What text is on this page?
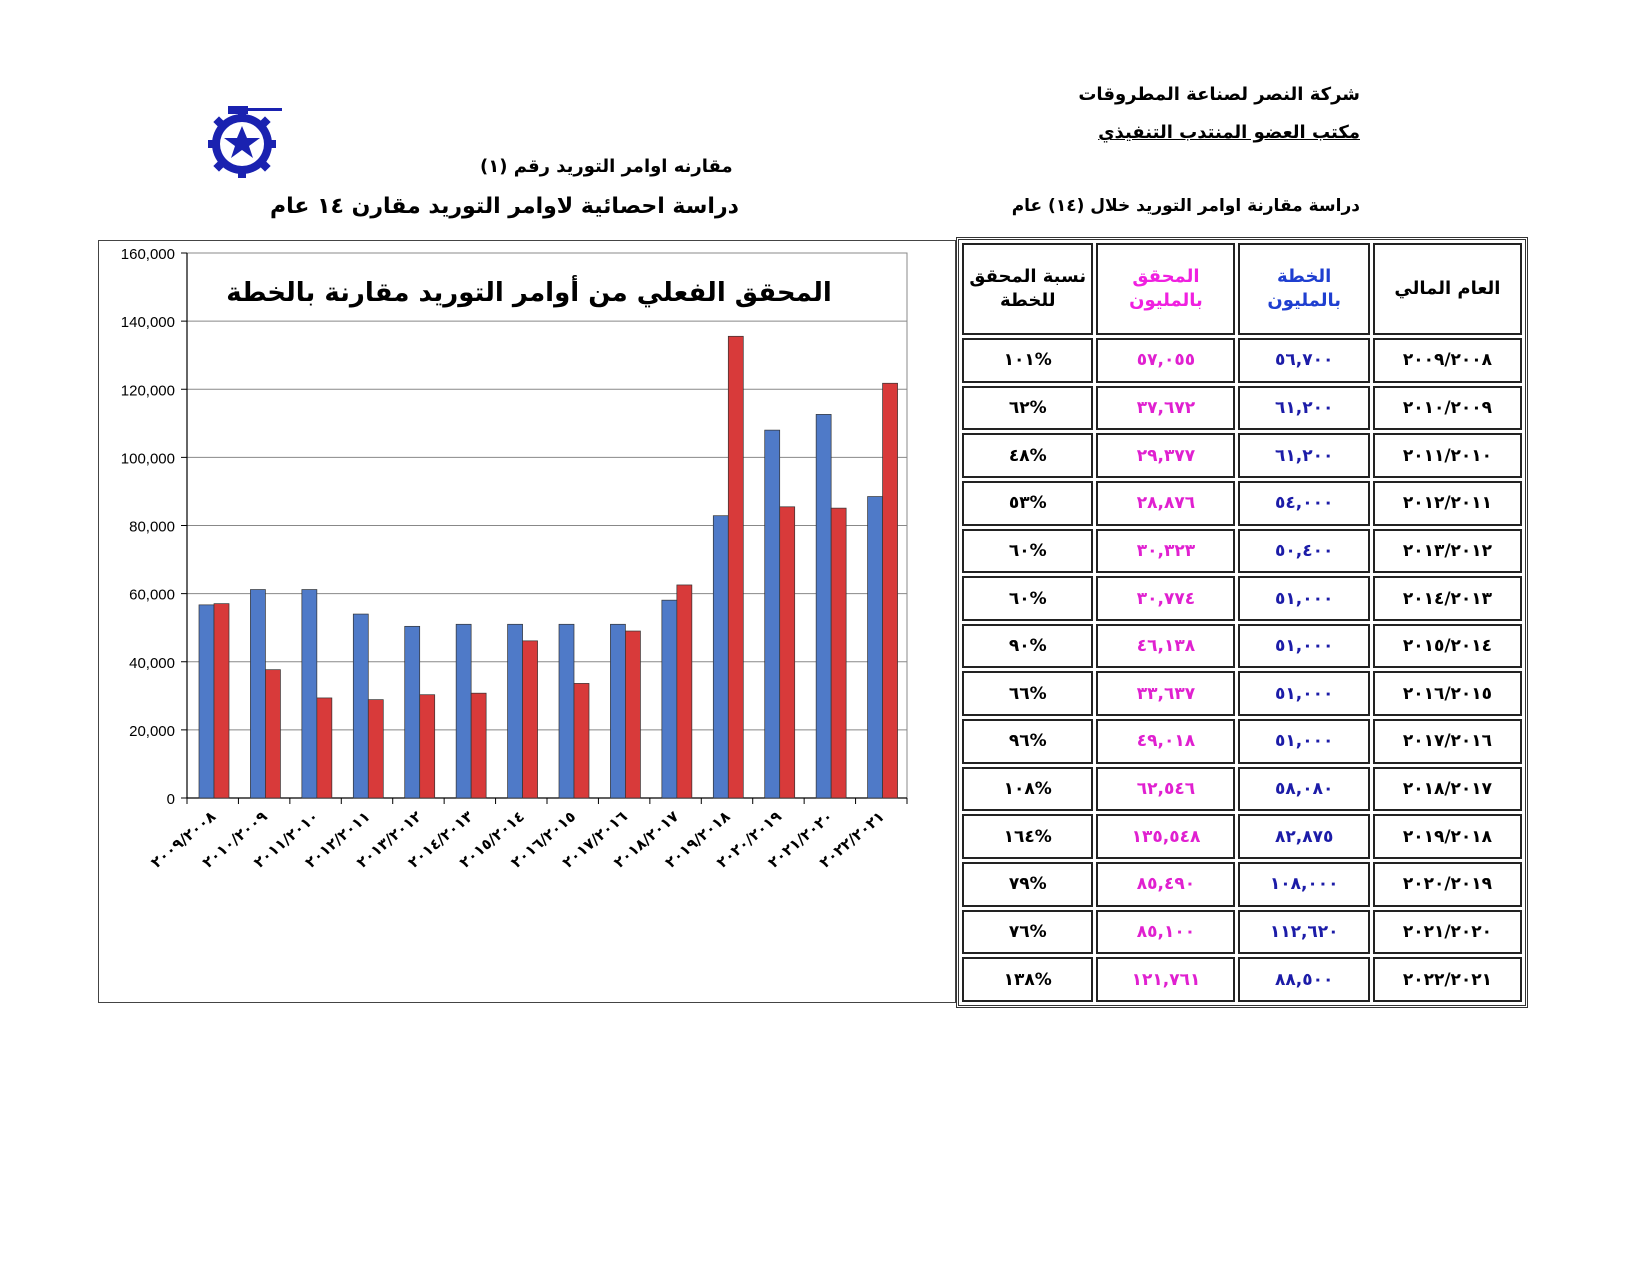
شركة النصر لصناعة المطروقات
مكتب العضو المنتدب التنفيذي
دراسة مقارنة اوامر التوريد خلال (١٤) عام
مقارنه اوامر التوريد رقم (١)
دراسة احصائية لاوامر التوريد مقارن ١٤ عام
0
20,000
40,000
60,000
80,000
100,000
120,000
140,000
160,000
٢٠٠٩/٢٠٠٨
٢٠١٠/٢٠٠٩
٢٠١١/٢٠١٠
٢٠١٢/٢٠١١
٢٠١٣/٢٠١٢
٢٠١٤/٢٠١٣
٢٠١٥/٢٠١٤
٢٠١٦/٢٠١٥
٢٠١٧/٢٠١٦
٢٠١٨/٢٠١٧
٢٠١٩/٢٠١٨
٢٠٢٠/٢٠١٩
٢٠٢١/٢٠٢٠
٢٠٢٢/٢٠٢١
المحقق الفعلي من أوامر التوريد مقارنة بالخطة	العام المالي	الخطة بالمليون	المحقق بالمليون	نسبة المحقق للخطة
٢٠٠٩/٢٠٠٨	٥٦,٧٠٠	٥٧,٠٥٥	%١٠١
٢٠١٠/٢٠٠٩	٦١,٢٠٠	٣٧,٦٧٢	%٦٢
٢٠١١/٢٠١٠	٦١,٢٠٠	٢٩,٣٧٧	%٤٨
٢٠١٢/٢٠١١	٥٤,٠٠٠	٢٨,٨٧٦	%٥٣
٢٠١٣/٢٠١٢	٥٠,٤٠٠	٣٠,٣٢٣	%٦٠
٢٠١٤/٢٠١٣	٥١,٠٠٠	٣٠,٧٧٤	%٦٠
٢٠١٥/٢٠١٤	٥١,٠٠٠	٤٦,١٣٨	%٩٠
٢٠١٦/٢٠١٥	٥١,٠٠٠	٣٣,٦٣٧	%٦٦
٢٠١٧/٢٠١٦	٥١,٠٠٠	٤٩,٠١٨	%٩٦
٢٠١٨/٢٠١٧	٥٨,٠٨٠	٦٢,٥٤٦	%١٠٨
٢٠١٩/٢٠١٨	٨٢,٨٧٥	١٣٥,٥٤٨	%١٦٤
٢٠٢٠/٢٠١٩	١٠٨,٠٠٠	٨٥,٤٩٠	%٧٩
٢٠٢١/٢٠٢٠	١١٢,٦٢٠	٨٥,١٠٠	%٧٦
٢٠٢٢/٢٠٢١	٨٨,٥٠٠	١٢١,٧٦١	%١٣٨
